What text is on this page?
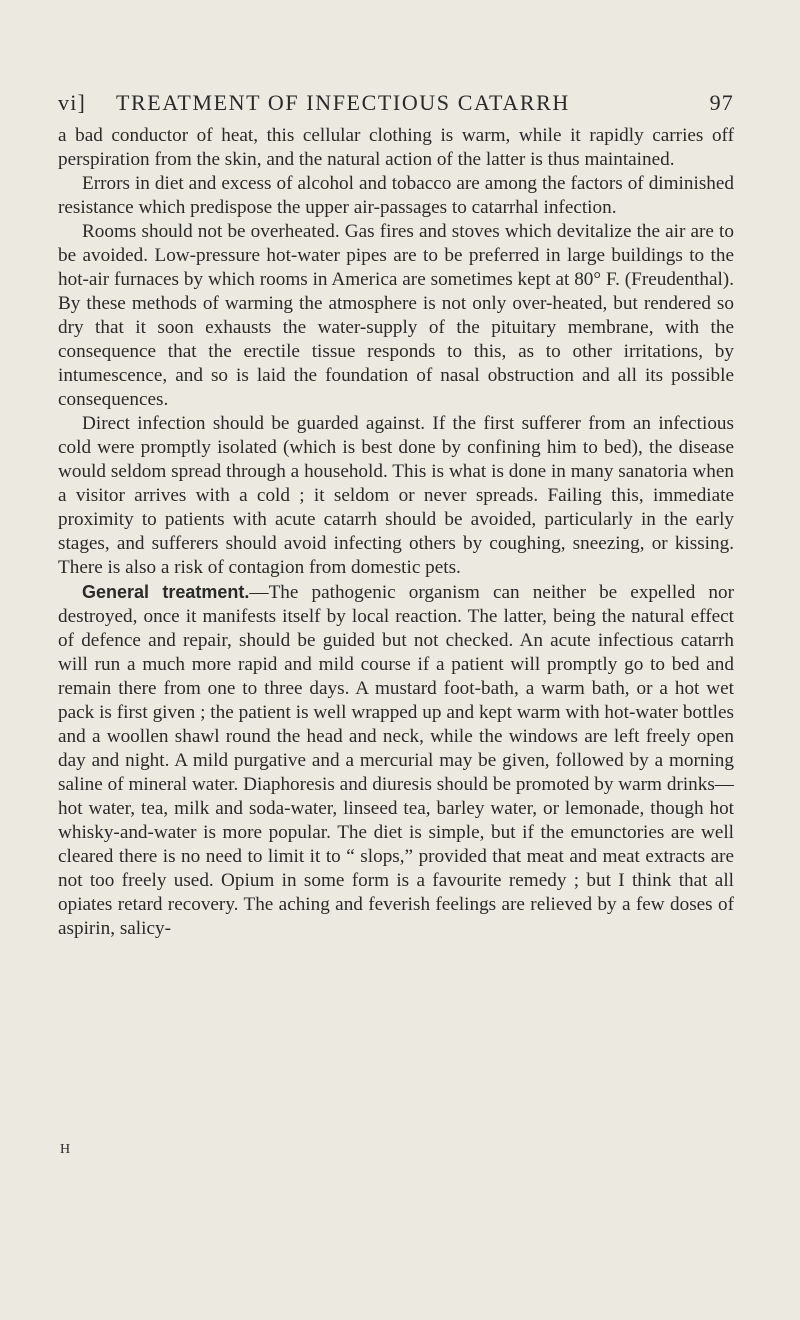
vi] TREATMENT OF INFECTIOUS CATARRH	97

a bad conductor of heat, this cellular clothing is warm, while it rapidly carries off perspiration from the skin, and the natural action of the latter is thus maintained.

Errors in diet and excess of alcohol and tobacco are among the factors of diminished resistance which predispose the upper air-passages to catarrhal infection.

Rooms should not be overheated. Gas fires and stoves which devitalize the air are to be avoided. Low-pressure hot-water pipes are to be preferred in large buildings to the hot-air furnaces by which rooms in America are sometimes kept at 80° F. (Freudenthal). By these methods of warming the atmosphere is not only over-heated, but rendered so dry that it soon exhausts the water-supply of the pituitary membrane, with the consequence that the erectile tissue responds to this, as to other irritations, by intumescence, and so is laid the foundation of nasal obstruction and all its possible consequences.

Direct infection should be guarded against. If the first sufferer from an infectious cold were promptly isolated (which is best done by confining him to bed), the disease would seldom spread through a household. This is what is done in many sanatoria when a visitor arrives with a cold ; it seldom or never spreads. Failing this, immediate proximity to patients with acute catarrh should be avoided, particularly in the early stages, and sufferers should avoid infecting others by coughing, sneezing, or kissing. There is also a risk of contagion from domestic pets.

General treatment.—The pathogenic organism can neither be expelled nor destroyed, once it manifests itself by local reaction. The latter, being the natural effect of defence and repair, should be guided but not checked. An acute infectious catarrh will run a much more rapid and mild course if a patient will promptly go to bed and remain there from one to three days. A mustard foot-bath, a warm bath, or a hot wet pack is first given ; the patient is well wrapped up and kept warm with hot-water bottles and a woollen shawl round the head and neck, while the windows are left freely open day and night. A mild purgative and a mercurial may be given, followed by a morning saline of mineral water. Diaphoresis and diuresis should be promoted by warm drinks—hot water, tea, milk and soda-water, linseed tea, barley water, or lemonade, though hot whisky-and-water is more popular. The diet is simple, but if the emunctories are well cleared there is no need to limit it to “ slops,” provided that meat and meat extracts are not too freely used. Opium in some form is a favourite remedy ; but I think that all opiates retard recovery. The aching and feverish feelings are relieved by a few doses of aspirin, salicy-

H
